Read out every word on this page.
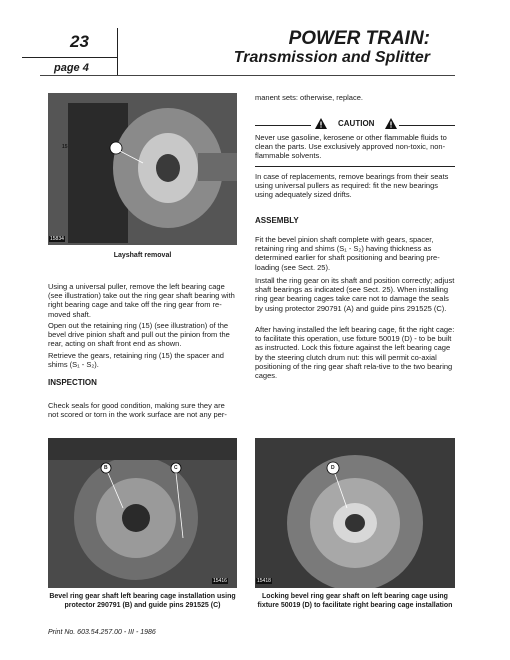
23
page 4
POWER TRAIN:
Transmission and Splitter
15
15834
Layshaft removal
Using a universal puller, remove the left bearing cage (see illustration) take out the ring gear shaft bearing with right bearing cage and take off the ring gear from re-moved shaft.
Open out the retaining ring (15) (see illustration) of the bevel drive pinion shaft and pull out the pinion from the rear, acting on shaft front end as shown.
Retrieve the gears, retaining ring (15) the spacer and shims (S₁ - S₂).
INSPECTION
Check seals for good condition, making sure they are not scored or torn in the work surface are not any per-
manent sets: otherwise, replace.
CAUTION
Never use gasoline, kerosene or other flammable fluids to clean the parts. Use exclusively approved non-toxic, non-flammable solvents.
In case of replacements, remove bearings from their seats using universal pullers as required: fit the new bearings using adequately sized drifts.
ASSEMBLY
Fit the bevel pinion shaft complete with gears, spacer, retaining ring and shims (S₁ - S₂) having thickness as determined earlier for shaft positioning and bearing pre-loading (see Sect. 25).
Install the ring gear on its shaft and position correctly; adjust shaft bearings as indicated (see Sect. 25). When installing ring gear bearing cages take care not to damage the seals by using protector 290791 (A) and guide pins 291525 (C).
After having installed the left bearing cage, fit the right cage: to facilitate this operation, use fixture 50019 (D) - to be built as instructed. Lock this fixture against the left bearing cage by the steering clutch drum nut: this will permit co-axial positioning of the ring gear shaft rela-tive to the two bearing cages.
B	C
15416
Bevel ring gear shaft left bearing cage installation using protector 290791 (B) and guide pins 291525 (C)
D
15418
Locking bevel ring gear shaft on left bearing cage using fixture 50019 (D) to facilitate right bearing cage installation
Print No. 603.54.257.00 - III - 1986
